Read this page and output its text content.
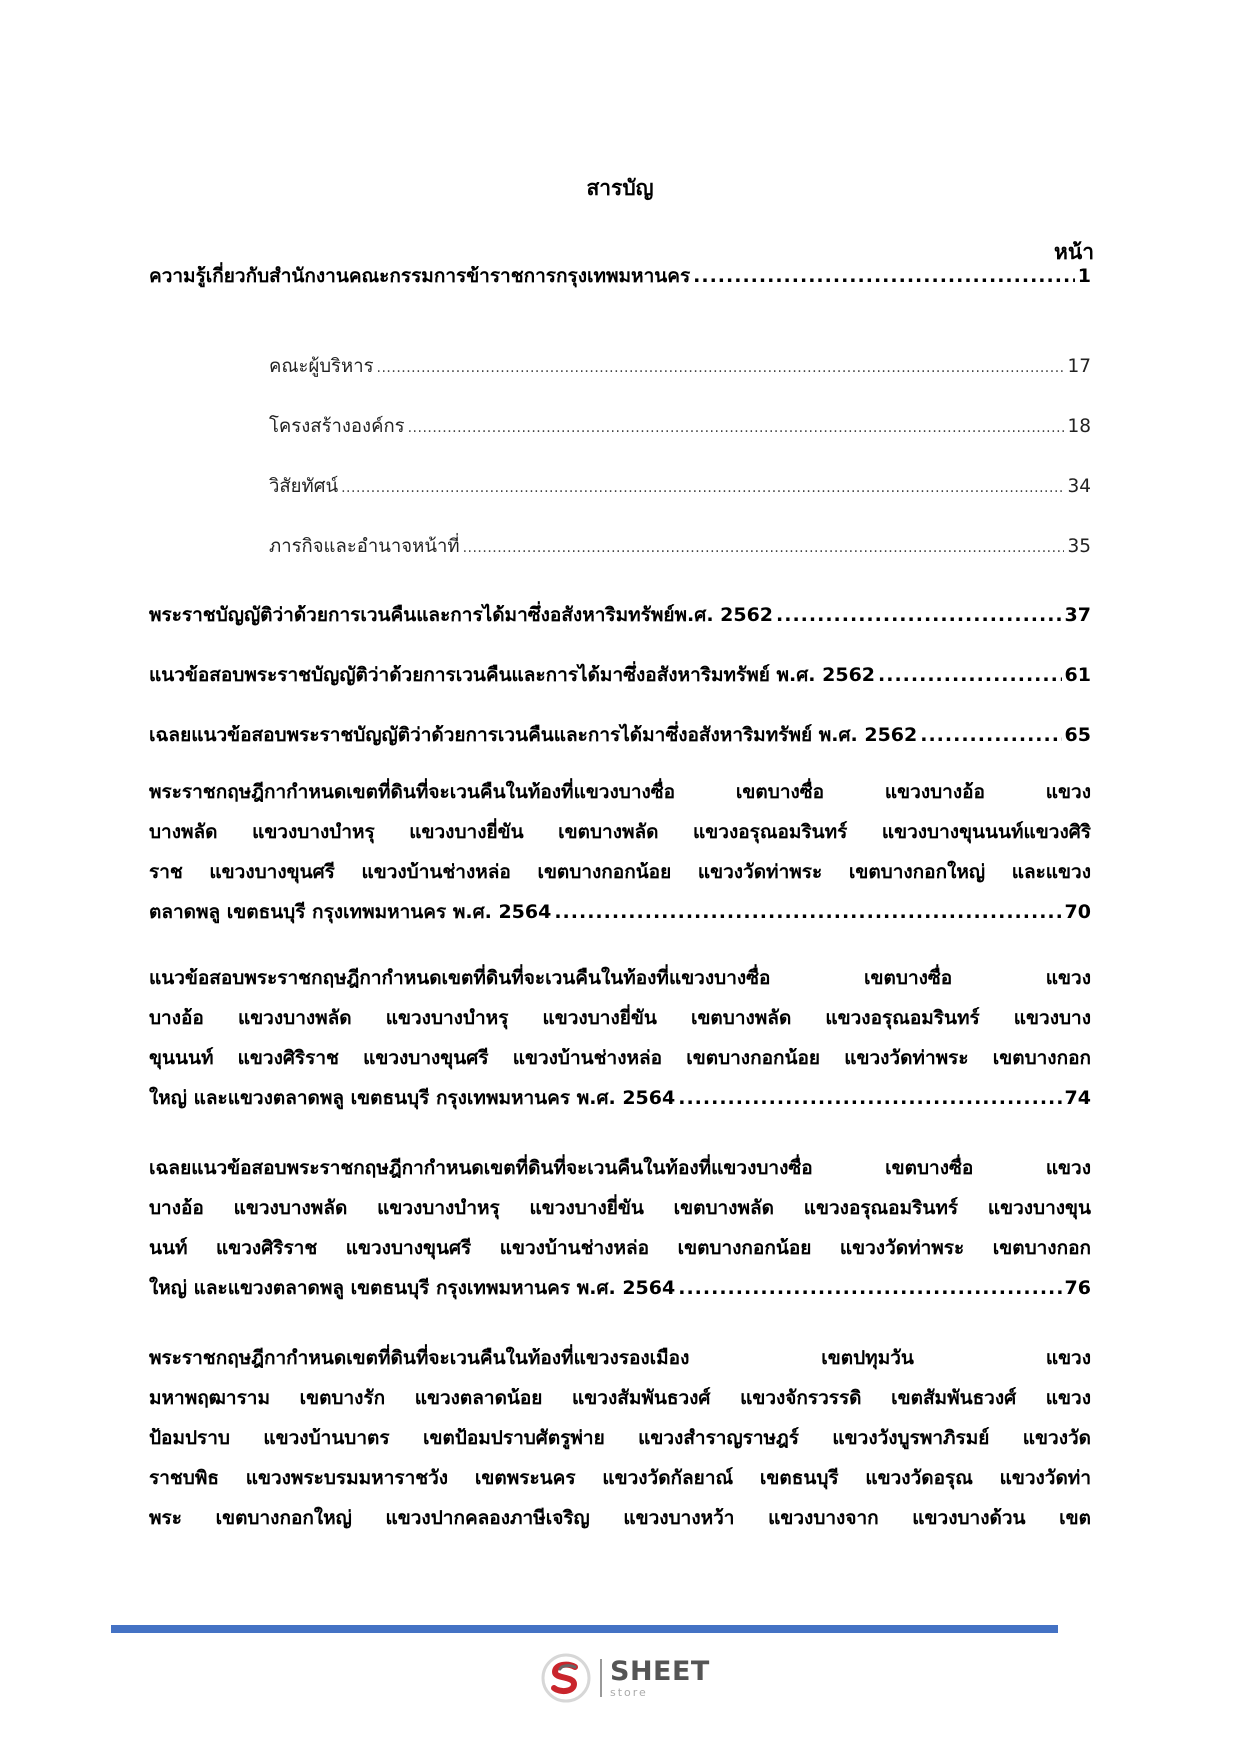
สารบัญ
หน้า
ความรู้เกี่ยวกับสำนักงานคณะกรรมการข้าราชการกรุงเทพมหานคร .....	1
คณะผู้บริหาร .....	17
โครงสร้างองค์กร .....	18
วิสัยทัศน์ .....	34
ภารกิจและอำนาจหน้าที่ .....	35
พระราชบัญญัติว่าด้วยการเวนคืนและการได้มาซึ่งอสังหาริมทรัพย์พ.ศ. 2562 .....	37
แนวข้อสอบพระราชบัญญัติว่าด้วยการเวนคืนและการได้มาซึ่งอสังหาริมทรัพย์ พ.ศ. 2562 .....	61
เฉลยแนวข้อสอบพระราชบัญญัติว่าด้วยการเวนคืนและการได้มาซึ่งอสังหาริมทรัพย์ พ.ศ. 2562 .....	65
พระราชกฤษฎีกากำหนดเขตที่ดินที่จะเวนคืนในท้องที่แขวงบางซื่อ เขตบางซื่อ แขวงบางอ้อ แขวง
บางพลัด แขวงบางบำหรุ แขวงบางยี่ขัน เขตบางพลัด แขวงอรุณอมรินทร์ แขวงบางขุนนนท์แขวงศิริ
ราช แขวงบางขุนศรี แขวงบ้านช่างหล่อ เขตบางกอกน้อย แขวงวัดท่าพระ เขตบางกอกใหญ่ และแขวง
ตลาดพลู เขตธนบุรี กรุงเทพมหานคร พ.ศ. 2564 .....	70
แนวข้อสอบพระราชกฤษฎีกากำหนดเขตที่ดินที่จะเวนคืนในท้องที่แขวงบางซื่อ เขตบางซื่อ แขวง
บางอ้อ แขวงบางพลัด แขวงบางบำหรุ แขวงบางยี่ขัน เขตบางพลัด แขวงอรุณอมรินทร์ แขวงบาง
ขุนนนท์ แขวงศิริราช แขวงบางขุนศรี แขวงบ้านช่างหล่อ เขตบางกอกน้อย แขวงวัดท่าพระ เขตบางกอก
ใหญ่ และแขวงตลาดพลู เขตธนบุรี กรุงเทพมหานคร พ.ศ. 2564 .....	74
เฉลยแนวข้อสอบพระราชกฤษฎีกากำหนดเขตที่ดินที่จะเวนคืนในท้องที่แขวงบางซื่อ เขตบางซื่อ แขวง
บางอ้อ แขวงบางพลัด แขวงบางบำหรุ แขวงบางยี่ขัน เขตบางพลัด แขวงอรุณอมรินทร์ แขวงบางขุน
นนท์ แขวงศิริราช แขวงบางขุนศรี แขวงบ้านช่างหล่อ เขตบางกอกน้อย แขวงวัดท่าพระ เขตบางกอก
ใหญ่ และแขวงตลาดพลู เขตธนบุรี กรุงเทพมหานคร พ.ศ. 2564 .....	76
พระราชกฤษฎีกากำหนดเขตที่ดินที่จะเวนคืนในท้องที่แขวงรองเมือง เขตปทุมวัน แขวง
มหาพฤฒาราม เขตบางรัก แขวงตลาดน้อย แขวงสัมพันธวงศ์ แขวงจักรวรรดิ เขตสัมพันธวงศ์ แขวง
ป้อมปราบ แขวงบ้านบาตร เขตป้อมปราบศัตรูพ่าย แขวงสำราญราษฎร์ แขวงวังบูรพาภิรมย์ แขวงวัด
ราชบพิธ แขวงพระบรมมหาราชวัง เขตพระนคร แขวงวัดกัลยาณ์ เขตธนบุรี แขวงวัดอรุณ แขวงวัดท่า
พระ เขตบางกอกใหญ่ แขวงปากคลองภาษีเจริญ แขวงบางหว้า แขวงบางจาก แขวงบางด้วน เขต
SHEET
store
